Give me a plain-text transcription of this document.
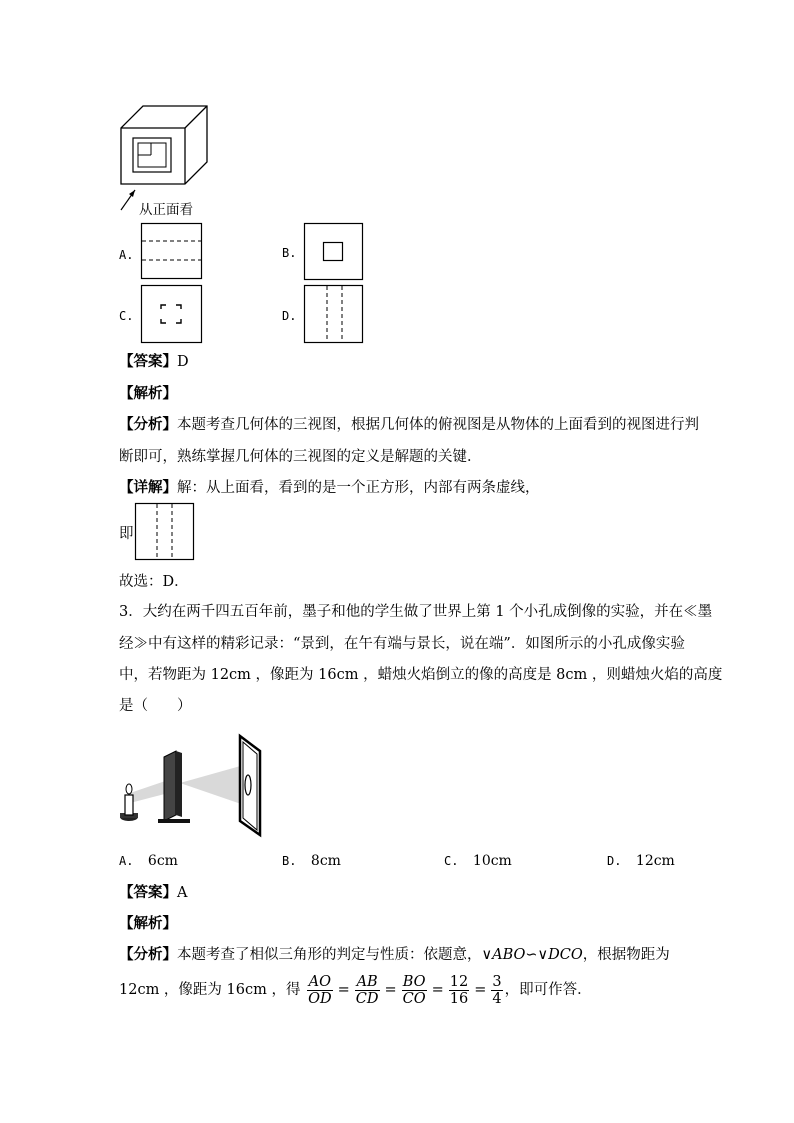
从正面看
A.	B.
C.	D.
【答案】D
【解析】
【分析】本题考查几何体的三视图，根据几何体的俯视图是从物体的上面看到的视图进行判
断即可，熟练掌握几何体的三视图的定义是解题的关键．
【详解】解：从上面看，看到的是一个正方形，内部有两条虚线，
即
故选：D．
3．大约在两千四五百年前，墨子和他的学生做了世界上第 1 个小孔成倒像的实验，并在≪墨
经≫中有这样的精彩记录：“景到，在午有端与景长，说在端”．如图所示的小孔成像实验
中，若物距为 12cm ，像距为 16cm ，蜡烛火焰倒立的像的高度是 8cm ，则蜡烛火焰的高度
是（　　）
A. 6cm	B. 8cm	C. 10cm	D. 12cm
【答案】A
【解析】
【分析】本题考查了相似三角形的判定与性质：依题意，∨ABO∽∨DCO，根据物距为
12cm ，像距为 16cm ，得 $\frac{AO}{OD} = \frac{AB}{CD} = \frac{BO}{CO} = \frac{12}{16} = \frac{3}{4}$ ，即可作答．
